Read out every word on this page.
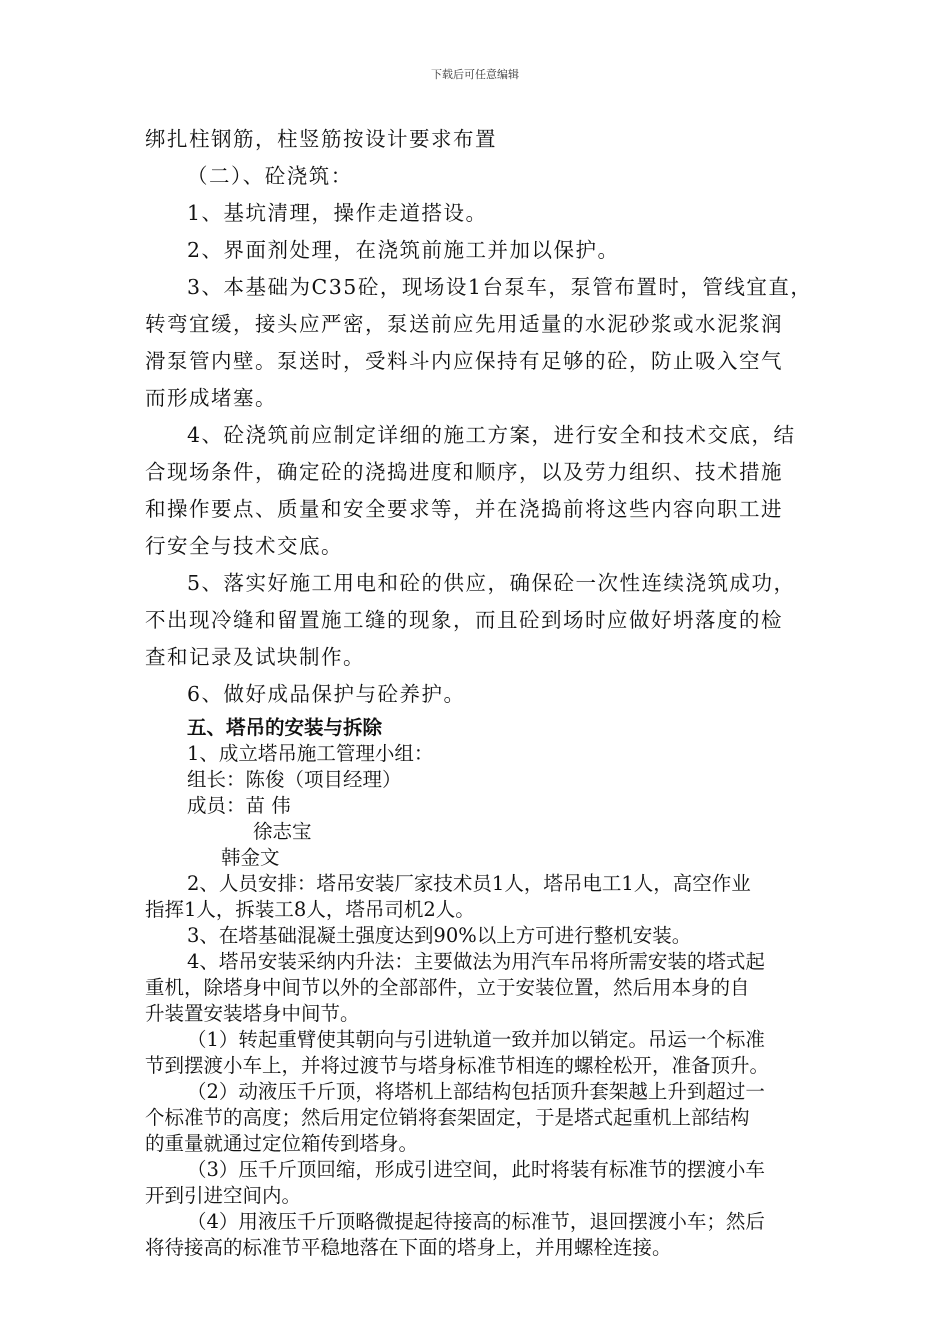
下载后可任意编辑
绑扎柱钢筋，柱竖筋按设计要求布置
（二）、砼浇筑：
1、基坑清理，操作走道搭设。
2、界面剂处理，在浇筑前施工并加以保护。
3、本基础为C35砼，现场设1台泵车，泵管布置时，管线宜直，
转弯宜缓，接头应严密，泵送前应先用适量的水泥砂浆或水泥浆润
滑泵管内壁。泵送时，受料斗内应保持有足够的砼，防止吸入空气
而形成堵塞。
4、砼浇筑前应制定详细的施工方案，进行安全和技术交底，结
合现场条件，确定砼的浇捣进度和顺序，以及劳力组织、技术措施
和操作要点、质量和安全要求等，并在浇捣前将这些内容向职工进
行安全与技术交底。
5、落实好施工用电和砼的供应，确保砼一次性连续浇筑成功，
不出现冷缝和留置施工缝的现象，而且砼到场时应做好坍落度的检
查和记录及试块制作。
6、做好成品保护与砼养护。
五、塔吊的安装与拆除
1、成立塔吊施工管理小组：
组长：陈俊（项目经理）
成员：苗 伟
徐志宝
韩金文
2、人员安排：塔吊安装厂家技术员1人，塔吊电工1人，高空作业
指挥1人，拆装工8人，塔吊司机2人。
3、在塔基础混凝土强度达到90%以上方可进行整机安装。
4、塔吊安装采纳内升法：主要做法为用汽车吊将所需安装的塔式起
重机，除塔身中间节以外的全部部件，立于安装位置，然后用本身的自
升装置安装塔身中间节。
（1）转起重臂使其朝向与引进轨道一致并加以销定。吊运一个标准
节到摆渡小车上，并将过渡节与塔身标准节相连的螺栓松开，准备顶升。
（2）动液压千斤顶，将塔机上部结构包括顶升套架越上升到超过一
个标准节的高度；然后用定位销将套架固定，于是塔式起重机上部结构
的重量就通过定位箱传到塔身。
（3）压千斤顶回缩，形成引进空间，此时将装有标准节的摆渡小车
开到引进空间内。
（4）用液压千斤顶略微提起待接高的标准节，退回摆渡小车；然后
将待接高的标准节平稳地落在下面的塔身上，并用螺栓连接。
